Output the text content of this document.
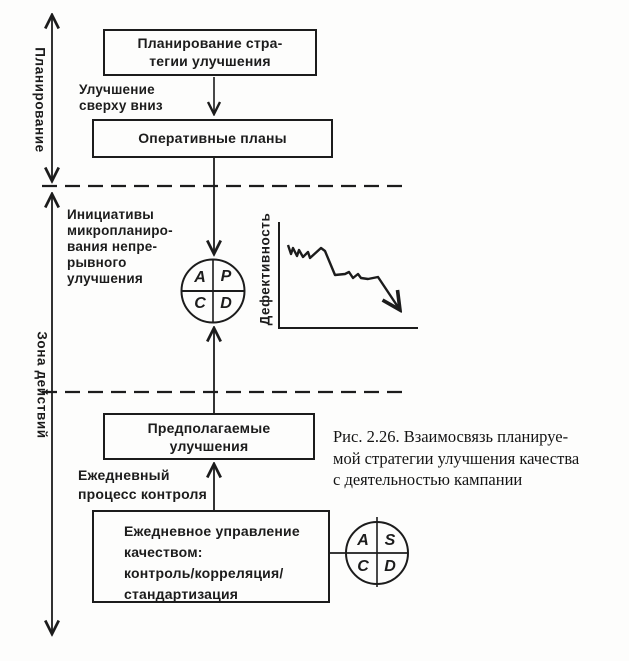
Планирование
Зона действий
Дефективность
Планирование стра-
тегии улучшения
Оперативные планы
Предполагаемые
улучшения
Ежедневное управление
качеством:
контроль/корреляция/
стандартизация
Улучшение
сверху вниз
Инициативы
микропланиро-
вания непре-
рывного
улучшения
Ежедневный
процесс контроля
A P
C D
A S
C D
Рис. 2.26. Взаимосвязь планируе-
мой стратегии улучшения качества
с деятельностью кампании
